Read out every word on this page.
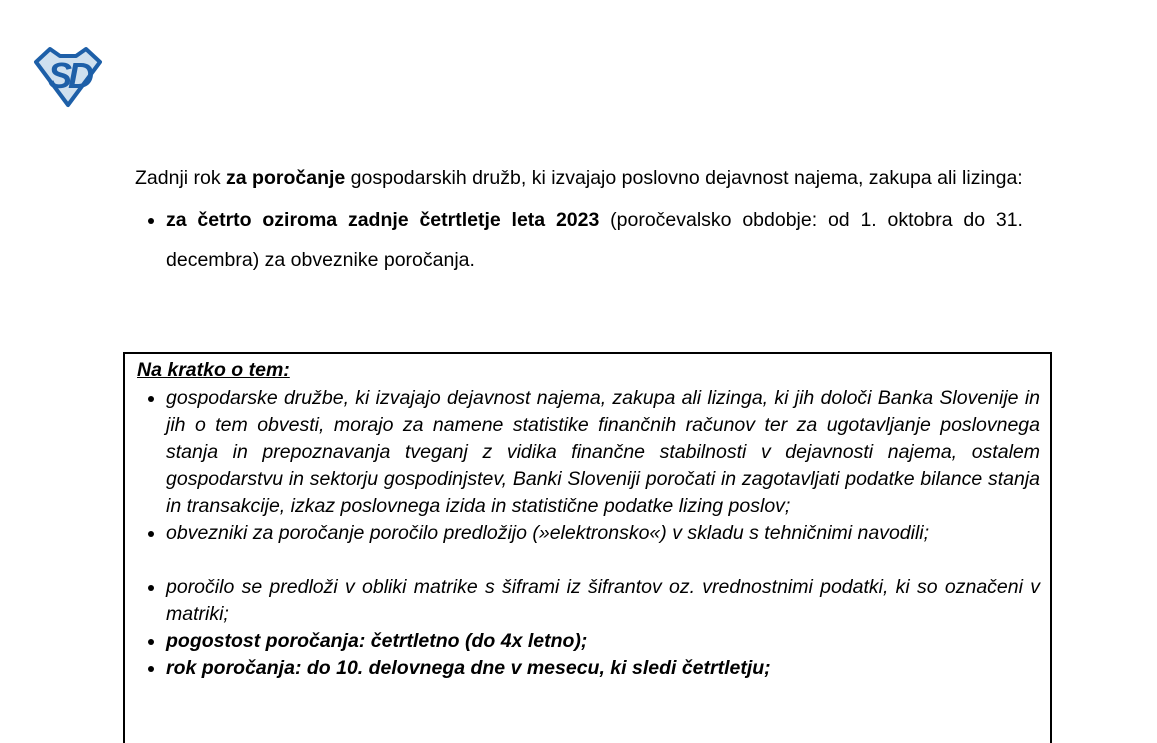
SD

Zadnji rok za poročanje gospodarskih družb, ki izvajajo poslovno dejavnost najema, zakupa ali lizinga:

• za četrto oziroma zadnje četrtletje leta 2023 (poročevalsko obdobje: od 1. oktobra do 31. decembra) za obveznike poročanja.

Na kratko o tem:

• gospodarske družbe, ki izvajajo dejavnost najema, zakupa ali lizinga, ki jih določi Banka Slovenije in jih o tem obvesti, morajo za namene statistike finančnih računov ter za ugotavljanje poslovnega stanja in prepoznavanja tveganj z vidika finančne stabilnosti v dejavnosti najema, ostalem gospodarstvu in sektorju gospodinjstev, Banki Sloveniji poročati in zagotavljati podatke bilance stanja in transakcije, izkaz poslovnega izida in statistične podatke lizing poslov;
• obvezniki za poročanje poročilo predložijo (»elektronsko«) v skladu s tehničnimi navodili;
• poročilo se predloži v obliki matrike s šiframi iz šifrantov oz. vrednostnimi podatki, ki so označeni v matriki;
• pogostost poročanja: četrtletno (do 4x letno);
• rok poročanja: do 10. delovnega dne v mesecu, ki sledi četrtletju;
